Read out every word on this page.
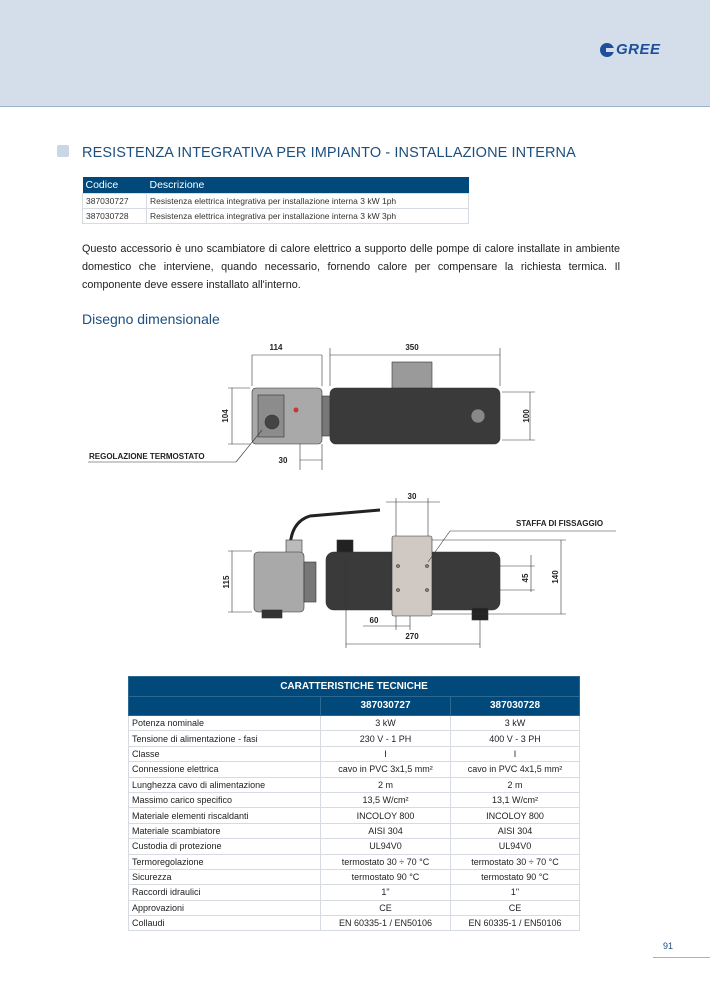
GREE
RESISTENZA INTEGRATIVA PER IMPIANTO - INSTALLAZIONE INTERNA
Codice	Descrizione
387030727	Resistenza elettrica integrativa per installazione interna 3 kW 1ph
387030728	Resistenza elettrica integrativa per installazione interna 3 kW 3ph

Questo accessorio è uno scambiatore di calore elettrico a supporto delle pompe di calore installate in ambiente domestico che interviene, quando necessario, fornendo calore per compensare la richiesta termica. Il componente deve essere installato all'interno.

Disegno dimensionale
114	350
104	100
30
REGOLAZIONE TERMOSTATO
30
115	45	140
60
270
STAFFA DI FISSAGGIO
CARATTERISTICHE TECNICHE		
	387030727	387030728
Potenza nominale	3 kW	3 kW
Tensione di alimentazione - fasi	230 V - 1 PH	400 V - 3 PH
Classe	I	I
Connessione elettrica	cavo in PVC 3x1,5 mm²	cavo in PVC 4x1,5 mm²
Lunghezza cavo di alimentazione	2 m	2 m
Massimo carico specifico	13,5 W/cm²	13,1 W/cm²
Materiale elementi riscaldanti	INCOLOY 800	INCOLOY 800
Materiale scambiatore	AISI 304	AISI 304
Custodia di protezione	UL94V0	UL94V0
Termoregolazione	termostato 30 ÷ 70 °C	termostato 30 ÷ 70 °C
Sicurezza	termostato 90 °C	termostato 90 °C
Raccordi idraulici	1"	1"
Approvazioni	CE	CE
Collaudi	EN 60335-1 / EN50106	EN 60335-1 / EN50106
91
